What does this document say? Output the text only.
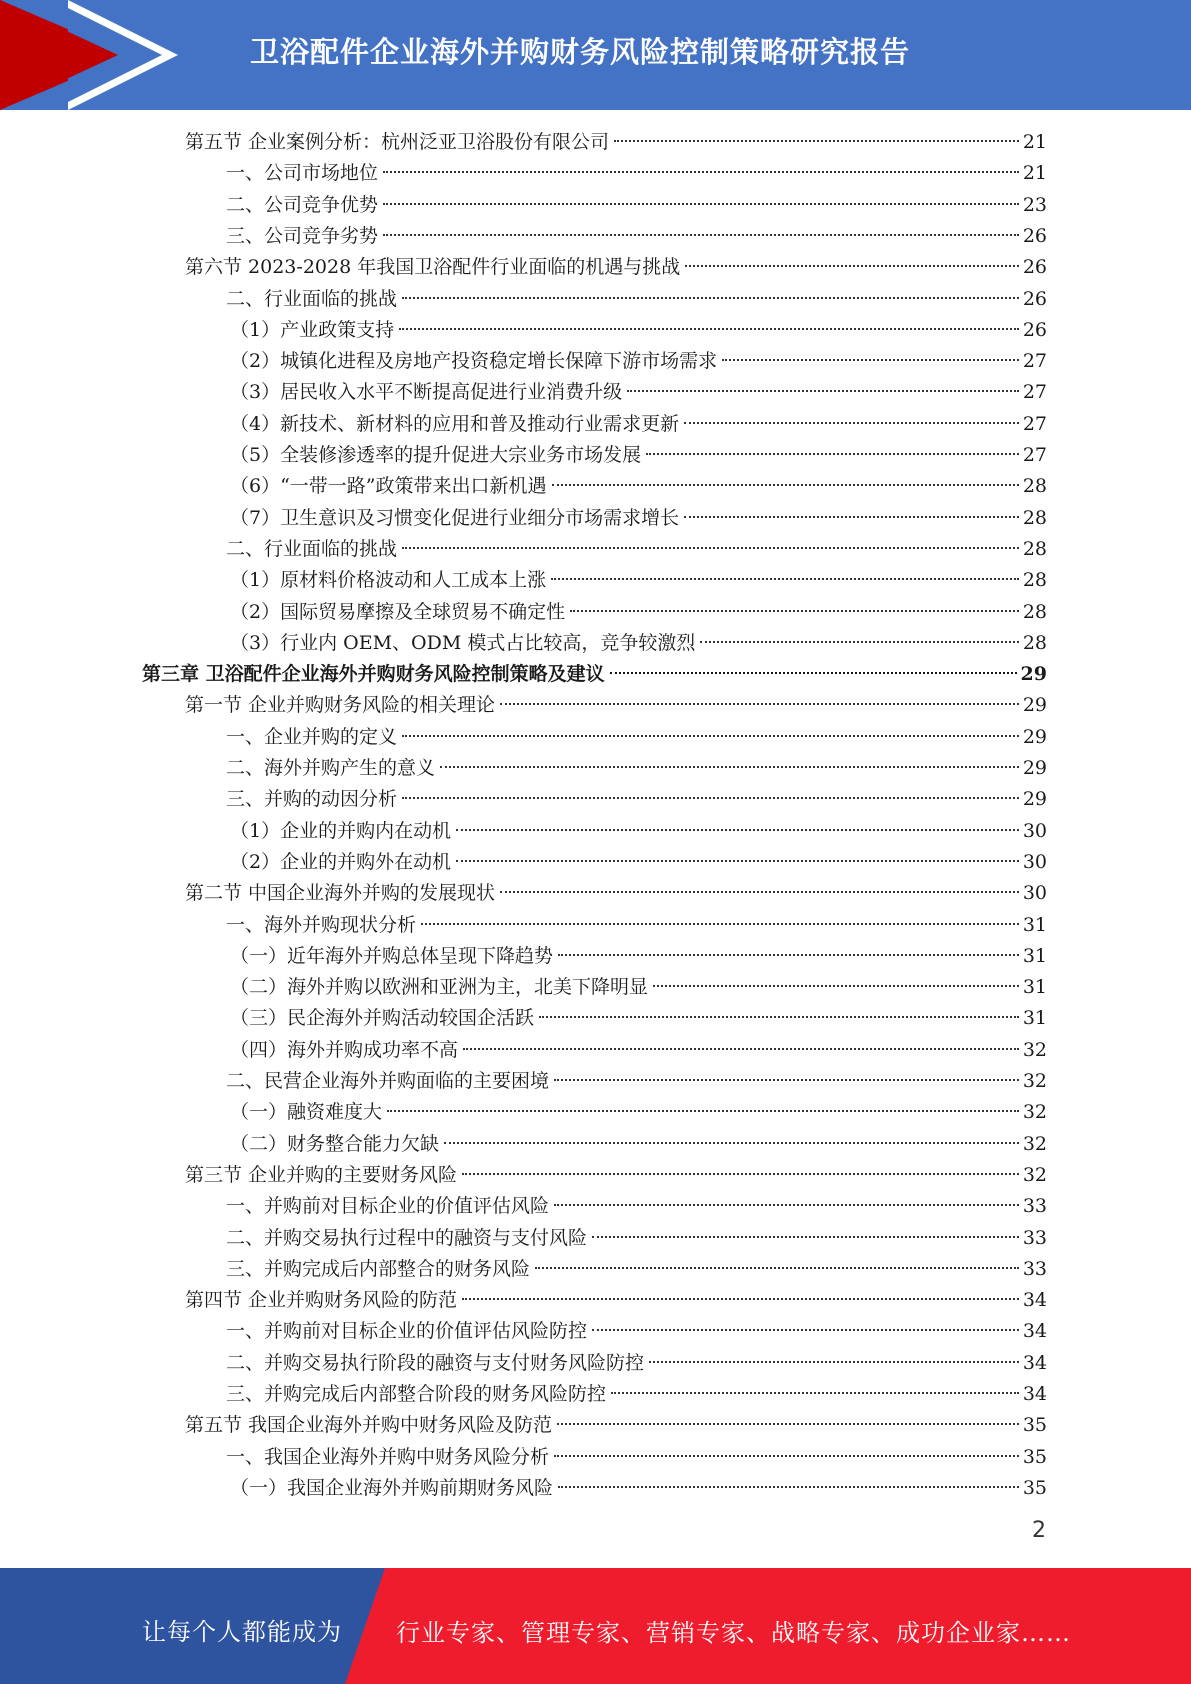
卫浴配件企业海外并购财务风险控制策略研究报告
第五节 企业案例分析：杭州泛亚卫浴股份有限公司	21
一、公司市场地位	21
二、公司竞争优势	23
三、公司竞争劣势	26
第六节 2023-2028 年我国卫浴配件行业面临的机遇与挑战	26
二、行业面临的挑战	26
（1）产业政策支持	26
（2）城镇化进程及房地产投资稳定增长保障下游市场需求	27
（3）居民收入水平不断提高促进行业消费升级	27
（4）新技术、新材料的应用和普及推动行业需求更新	27
（5）全装修渗透率的提升促进大宗业务市场发展	27
（6）“一带一路”政策带来出口新机遇	28
（7）卫生意识及习惯变化促进行业细分市场需求增长	28
二、行业面临的挑战	28
（1）原材料价格波动和人工成本上涨	28
（2）国际贸易摩擦及全球贸易不确定性	28
（3）行业内 OEM、ODM 模式占比较高，竞争较激烈	28
第三章 卫浴配件企业海外并购财务风险控制策略及建议	29
第一节 企业并购财务风险的相关理论	29
一、企业并购的定义	29
二、海外并购产生的意义	29
三、并购的动因分析	29
（1）企业的并购内在动机	30
（2）企业的并购外在动机	30
第二节 中国企业海外并购的发展现状	30
一、海外并购现状分析	31
（一）近年海外并购总体呈现下降趋势	31
（二）海外并购以欧洲和亚洲为主，北美下降明显	31
（三）民企海外并购活动较国企活跃	31
（四）海外并购成功率不高	32
二、民营企业海外并购面临的主要困境	32
（一）融资难度大	32
（二）财务整合能力欠缺	32
第三节 企业并购的主要财务风险	32
一、并购前对目标企业的价值评估风险	33
二、并购交易执行过程中的融资与支付风险	33
三、并购完成后内部整合的财务风险	33
第四节 企业并购财务风险的防范	34
一、并购前对目标企业的价值评估风险防控	34
二、并购交易执行阶段的融资与支付财务风险防控	34
三、并购完成后内部整合阶段的财务风险防控	34
第五节 我国企业海外并购中财务风险及防范	35
一、我国企业海外并购中财务风险分析	35
（一）我国企业海外并购前期财务风险	35
2
让每个人都能成为 行业专家、管理专家、营销专家、战略专家、成功企业家……
